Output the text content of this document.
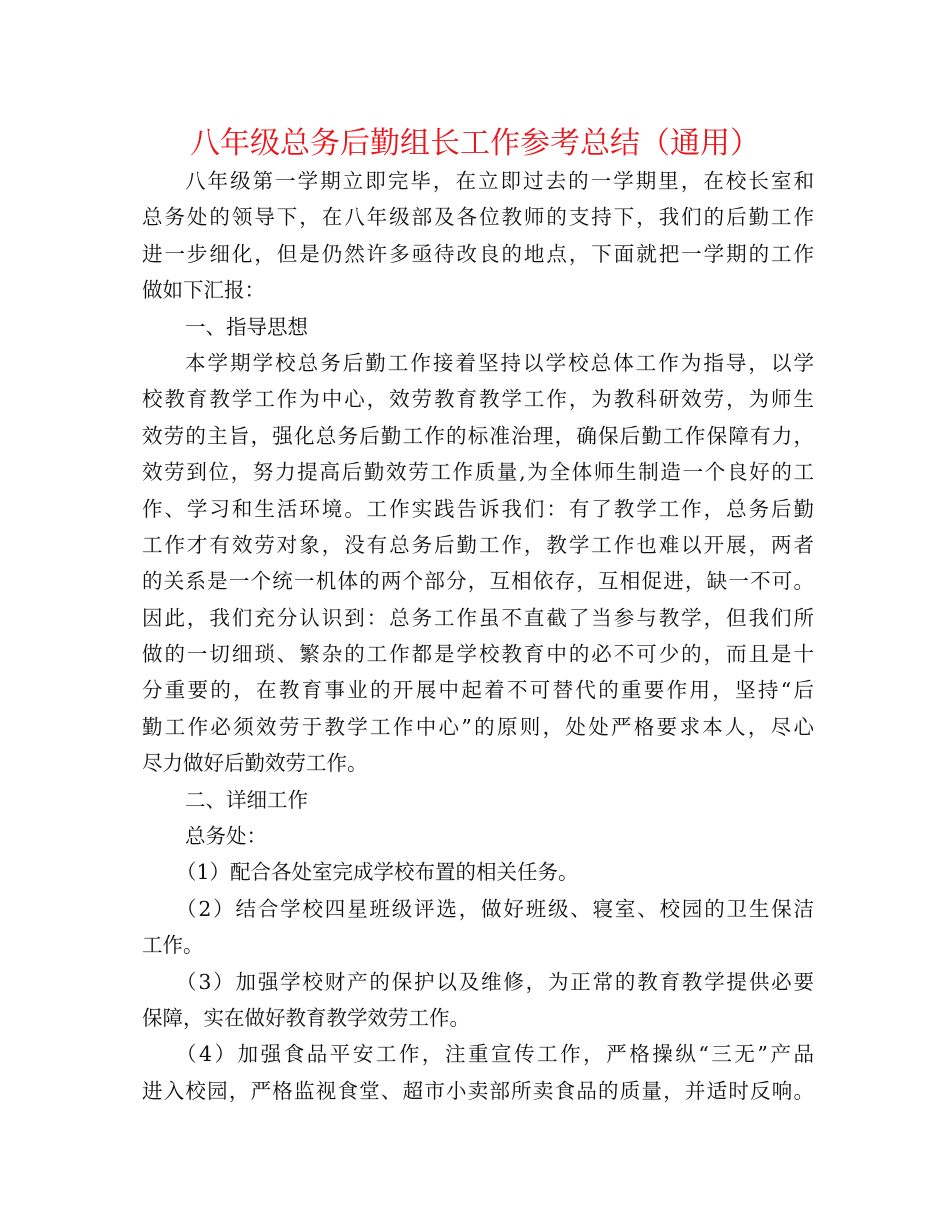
八年级总务后勤组长工作参考总结（通用）
八年级第一学期立即完毕，在立即过去的一学期里，在校长室和
总务处的领导下，在八年级部及各位教师的支持下，我们的后勤工作
进一步细化，但是仍然许多亟待改良的地点，下面就把一学期的工作
做如下汇报：
一、指导思想
本学期学校总务后勤工作接着坚持以学校总体工作为指导，以学
校教育教学工作为中心，效劳教育教学工作，为教科研效劳，为师生
效劳的主旨，强化总务后勤工作的标准治理，确保后勤工作保障有力，
效劳到位，努力提高后勤效劳工作质量,为全体师生制造一个良好的工
作、学习和生活环境。工作实践告诉我们：有了教学工作，总务后勤
工作才有效劳对象，没有总务后勤工作，教学工作也难以开展，两者
的关系是一个统一机体的两个部分，互相依存，互相促进，缺一不可。
因此，我们充分认识到：总务工作虽不直截了当参与教学，但我们所
做的一切细琐、繁杂的工作都是学校教育中的必不可少的，而且是十
分重要的，在教育事业的开展中起着不可替代的重要作用，坚持“后
勤工作必须效劳于教学工作中心”的原则，处处严格要求本人，尽心
尽力做好后勤效劳工作。
二、详细工作
总务处：
（1）配合各处室完成学校布置的相关任务。
（2）结合学校四星班级评选，做好班级、寝室、校园的卫生保洁
工作。
（3）加强学校财产的保护以及维修，为正常的教育教学提供必要
保障，实在做好教育教学效劳工作。
（4）加强食品平安工作，注重宣传工作，严格操纵“三无”产品
进入校园，严格监视食堂、超市小卖部所卖食品的质量，并适时反响。
